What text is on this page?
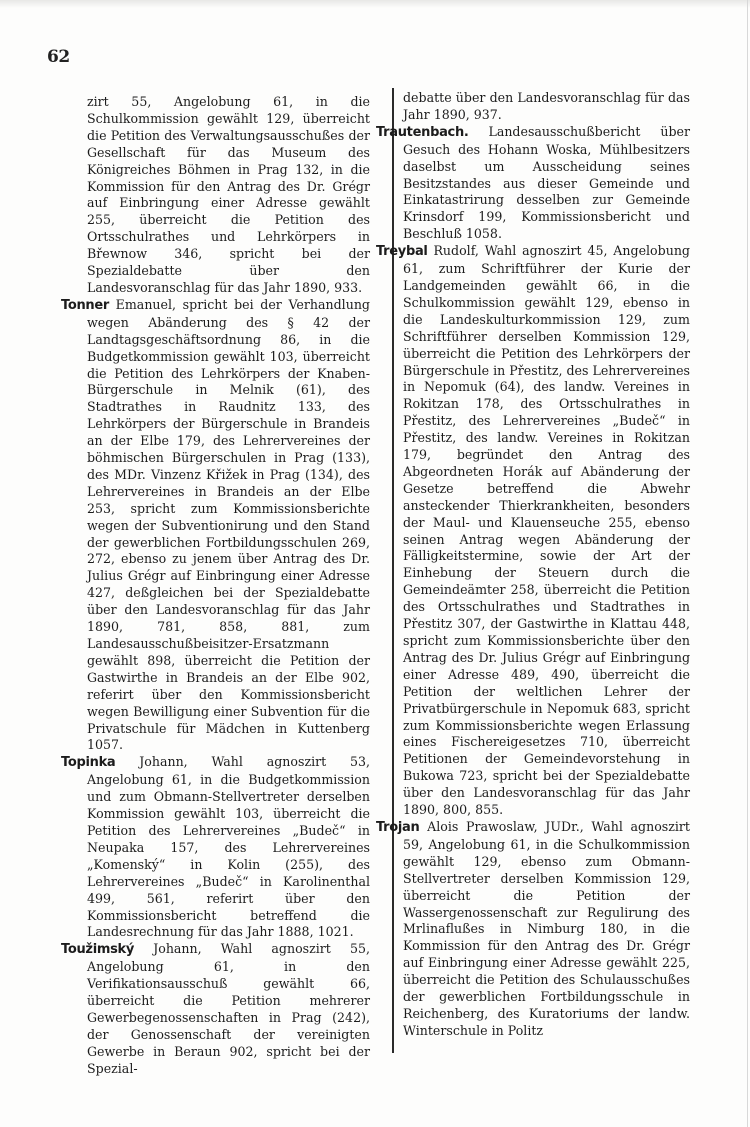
62

zirt 55, Angelobung 61, in die Schulkommission gewählt 129, überreicht die Petition des Verwaltungsausschußes der Gesellschaft für das Museum des Königreiches Böhmen in Prag 132, in die Kommission für den Antrag des Dr. Grégr auf Einbringung einer Adresse gewählt 255, überreicht die Petition des Ortsschulrathes und Lehrkörpers in Břewnow 346, spricht bei der Spezialdebatte über den Landesvoranschlag für das Jahr 1890, 933.

Tonner Emanuel, spricht bei der Verhandlung wegen Abänderung des § 42 der Landtagsgeschäftsordnung 86, in die Budgetkommission gewählt 103, überreicht die Petition des Lehrkörpers der Knaben-Bürgerschule in Melnik (61), des Stadtrathes in Raudnitz 133, des Lehrkörpers der Bürgerschule in Brandeis an der Elbe 179, des Lehrervereines der böhmischen Bürgerschulen in Prag (133), des MDr. Vinzenz Křižek in Prag (134), des Lehrervereines in Brandeis an der Elbe 253, spricht zum Kommissionsberichte wegen der Subventionirung und den Stand der gewerblichen Fortbildungsschulen 269, 272, ebenso zu jenem über Antrag des Dr. Julius Grégr auf Einbringung einer Adresse 427, deßgleichen bei der Spezialdebatte über den Landesvoranschlag für das Jahr 1890, 781, 858, 881, zum Landesausschußbeisitzer-Ersatzmann gewählt 898, überreicht die Petition der Gastwirthe in Brandeis an der Elbe 902, referirt über den Kommissionsbericht wegen Bewilligung einer Subvention für die Privatschule für Mädchen in Kuttenberg 1057.

Topinka Johann, Wahl agnoszirt 53, Angelobung 61, in die Budgetkommission und zum Obmann-Stellvertreter derselben Kommission gewählt 103, überreicht die Petition des Lehrervereines „Budeč“ in Neupaka 157, des Lehrervereines „Komenský“ in Kolin (255), des Lehrervereines „Budeč“ in Karolinenthal 499, 561, referirt über den Kommissionsbericht betreffend die Landesrechnung für das Jahr 1888, 1021.

Toužimský Johann, Wahl agnoszirt 55, Angelobung 61, in den Verifikationsausschuß gewählt 66, überreicht die Petition mehrerer Gewerbegenossenschaften in Prag (242), der Genossenschaft der vereinigten Gewerbe in Beraun 902, spricht bei der Spezial-

debatte über den Landesvoranschlag für das Jahr 1890, 937.

Trautenbach. Landesausschußbericht über Gesuch des Hohann Woska, Mühlbesitzers daselbst um Ausscheidung seines Besitzstandes aus dieser Gemeinde und Einkatastrirung desselben zur Gemeinde Krinsdorf 199, Kommissionsbericht und Beschluß 1058.

Treybal Rudolf, Wahl agnoszirt 45, Angelobung 61, zum Schriftführer der Kurie der Landgemeinden gewählt 66, in die Schulkommission gewählt 129, ebenso in die Landeskulturkommission 129, zum Schriftführer derselben Kommission 129, überreicht die Petition des Lehrkörpers der Bürgerschule in Přestitz, des Lehrervereines in Nepomuk (64), des landw. Vereines in Rokitzan 178, des Ortsschulrathes in Přestitz, des Lehrervereines „Budeč“ in Přestitz, des landw. Vereines in Rokitzan 179, begründet den Antrag des Abgeordneten Horák auf Abänderung der Gesetze betreffend die Abwehr ansteckender Thierkrankheiten, besonders der Maul- und Klauenseuche 255, ebenso seinen Antrag wegen Abänderung der Fälligkeitstermine, sowie der Art der Einhebung der Steuern durch die Gemeindeämter 258, überreicht die Petition des Ortsschulrathes und Stadtrathes in Přestitz 307, der Gastwirthe in Klattau 448, spricht zum Kommissionsberichte über den Antrag des Dr. Julius Grégr auf Einbringung einer Adresse 489, 490, überreicht die Petition der weltlichen Lehrer der Privatbürgerschule in Nepomuk 683, spricht zum Kommissionsberichte wegen Erlassung eines Fischereigesetzes 710, überreicht Petitionen der Gemeindevorstehung in Bukowa 723, spricht bei der Spezialdebatte über den Landesvoranschlag für das Jahr 1890, 800, 855.

Trojan Alois Prawoslaw, JUDr., Wahl agnoszirt 59, Angelobung 61, in die Schulkommission gewählt 129, ebenso zum Obmann-Stellvertreter derselben Kommission 129, überreicht die Petition der Wassergenossenschaft zur Regulirung des Mrlinaflußes in Nimburg 180, in die Kommission für den Antrag des Dr. Grégr auf Einbringung einer Adresse gewählt 225, überreicht die Petition des Schulausschußes der gewerblichen Fortbildungsschule in Reichenberg, des Kuratoriums der landw. Winterschule in Politz
